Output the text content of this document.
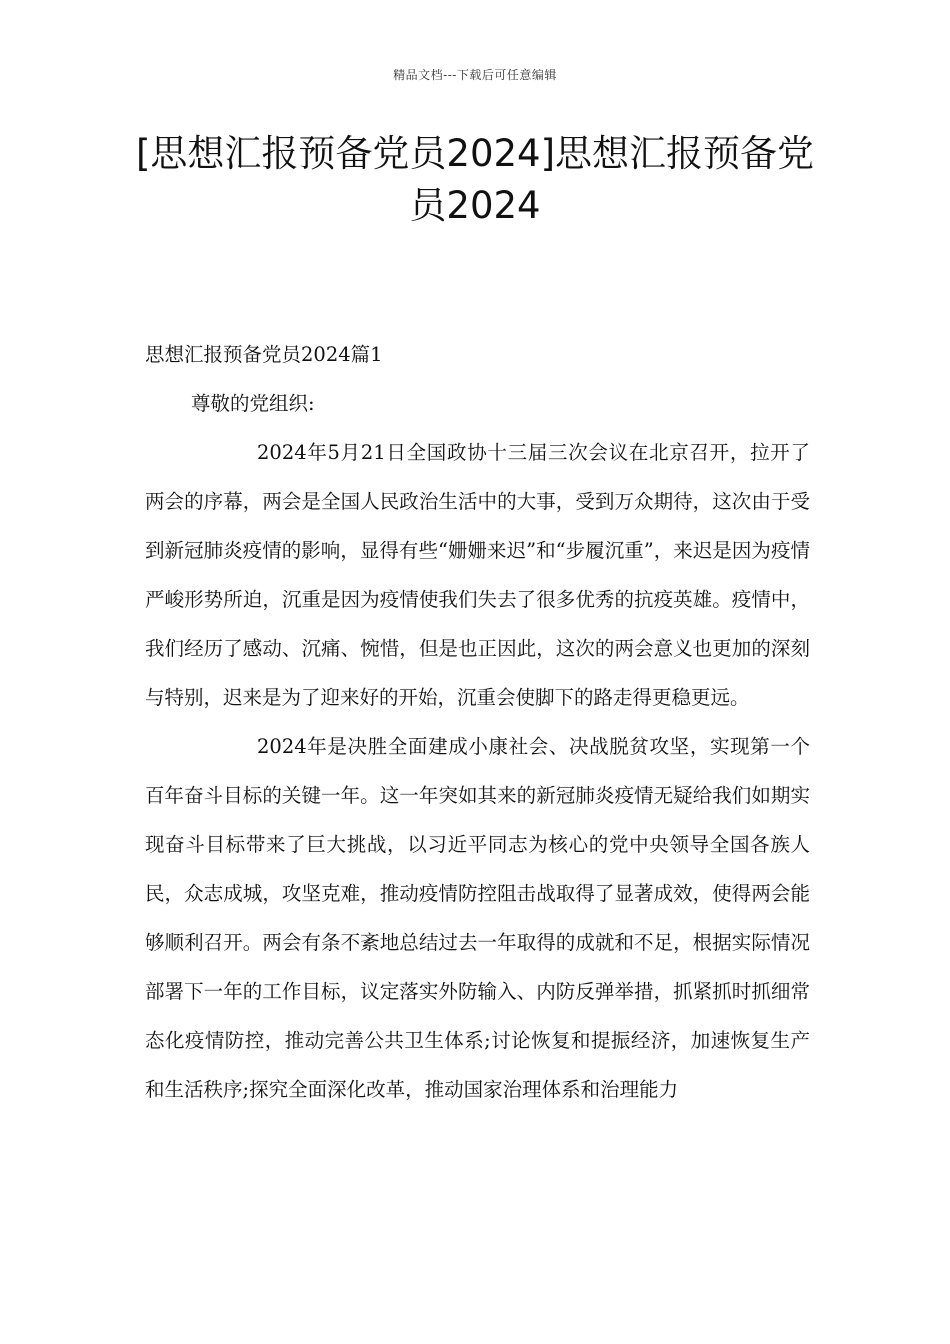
精品文档---下载后可任意编辑
[思想汇报预备党员2024]思想汇报预备党员2024

思想汇报预备党员2024篇1

尊敬的党组织:

2024年5月21日全国政协十三届三次会议在北京召开，拉开了两会的序幕，两会是全国人民政治生活中的大事，受到万众期待，这次由于受到新冠肺炎疫情的影响，显得有些“姗姗来迟”和“步履沉重”，来迟是因为疫情严峻形势所迫，沉重是因为疫情使我们失去了很多优秀的抗疫英雄。疫情中，我们经历了感动、沉痛、惋惜，但是也正因此，这次的两会意义也更加的深刻与特别，迟来是为了迎来好的开始，沉重会使脚下的路走得更稳更远。

2024年是决胜全面建成小康社会、决战脱贫攻坚，实现第一个百年奋斗目标的关键一年。这一年突如其来的新冠肺炎疫情无疑给我们如期实现奋斗目标带来了巨大挑战，以习近平同志为核心的党中央领导全国各族人民，众志成城，攻坚克难，推动疫情防控阻击战取得了显著成效，使得两会能够顺利召开。两会有条不紊地总结过去一年取得的成就和不足，根据实际情况部署下一年的工作目标，议定落实外防输入、内防反弹举措，抓紧抓时抓细常态化疫情防控，推动完善公共卫生体系;讨论恢复和提振经济，加速恢复生产和生活秩序;探究全面深化改革，推动国家治理体系和治理能力
